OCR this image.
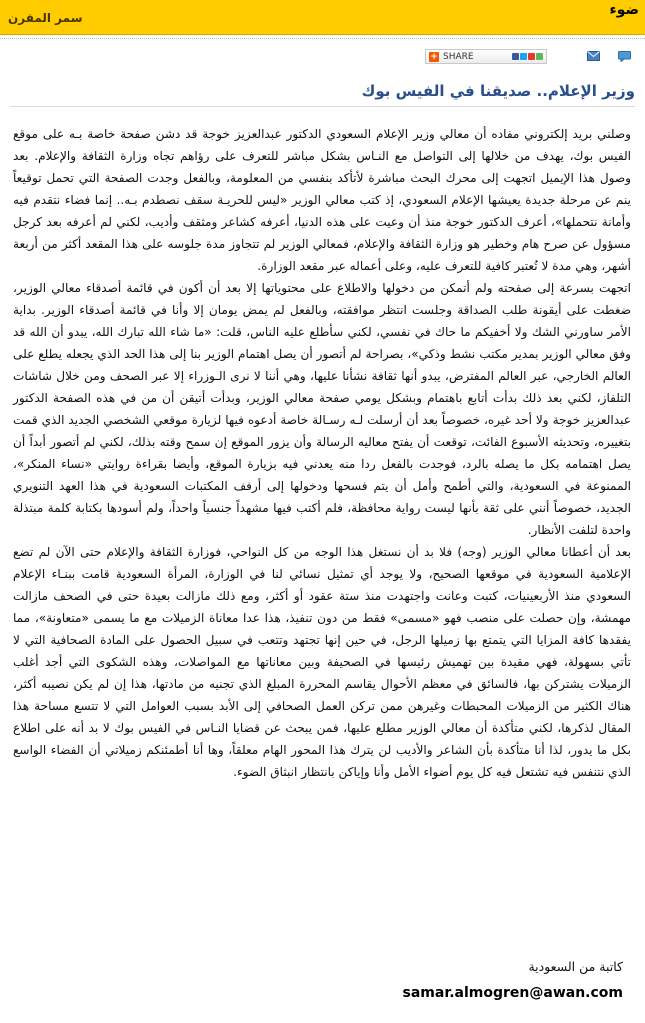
ضوء
سمر المقرن
+ SHARE
وزير الإعلام.. صديقنا في الفيس بوك

وصلني بريد إلكتروني مفاده أن معالي وزير الإعلام السعودي الدكتور عبدالعزيز خوجة قد دشن صفحة خاصة بـه على موقع الفيس بوك، يهدف من خلالها إلى التواصل مع النـاس بشكل مباشر للتعرف على رؤاهم تجاه وزارة الثقافة والإعلام. بعد وصول هذا الإيميل اتجهت إلى محرك البحث مباشرة لأتأكد بنفسي من المعلومة، وبالفعل وجدت الصفحة التي تحمل توقيعاً ينم عن مرحلة جديدة يعيشها الإعلام السعودي، إذ كتب معالي الوزير «ليس للحريـة سقف نصطدم بـه.. إنما فضاء نتقدم فيه وأمانة نتحملها»، أعرف الدكتور خوجة منذ أن وعيت على هذه الدنيا، أعرفه كشاعر ومثقف وأديب، لكني لم أعرفه بعد كرجل مسؤول عن صرح هام وخطير هو وزارة الثقافة والإعلام، فمعالي الوزير لم تتجاوز مدة جلوسه على هذا المقعد أكثر من أربعة أشهر، وهي مدة لا تُعتبر كافية للتعرف عليه، وعلى أعماله عبر مقعد الوزارة.

اتجهت بسرعة إلى صفحته ولم أتمكن من دخولها والاطلاع على محتوياتها إلا بعد أن أكون في قائمة أصدقاء معالي الوزير، ضغطت على أيقونة طلب الصداقة وجلست انتظر موافقته، وبالفعل لم يمض يومان إلا وأنا في قائمة أصدقاء الوزير. بداية الأمر ساورني الشك ولا أخفيكم ما حاك في نفسي، لكني سأطلع عليه الناس، قلت: «ما شاء الله تبارك الله، يبدو أن الله قد وفق معالي الوزير بمدير مكتب نشط وذكي»، بصراحة لم أتصور أن يصل اهتمام الوزير بنا إلى هذا الحد الذي يجعله يطلع على العالم الخارجي، عبر العالم المفترض، يبدو أنها ثقافة نشأنا عليها، وهي أننا لا نرى الـوزراء إلا عبر الصحف ومن خلال شاشات التلفاز، لكني بعد ذلك بدأت أتابع باهتمام وبشكل يومي صفحة معالي الوزير، وبدأت أتيقن أن من في هذه الصفحة الدكتور عبدالعزيز خوجة ولا أحد غيره، خصوصاً بعد أن أرسلت لـه رسـالة خاصة أدعوه فيها لزيارة موقعي الشخصي الجديد الذي قمت بتغييره، وتحديثه الأسبوع الفائت، توقعت أن يفتح معاليه الرسالة وأن يزور الموقع إن سمح وقته بذلك، لكني لم أتصور أبداً أن يصل اهتمامه بكل ما يصله بالرد، فوجدت بالفعل ردا منه يعدني فيه بزيارة الموقع، وأيضا بقراءة روايتي «نساء المنكر»، الممنوعة في السعودية، والتي أطمح وأمل أن يتم فسحها ودخولها إلى أرفف المكتبات السعودية في هذا العهد التنويري الجديد، خصوصاً أنني على ثقة بأنها ليست رواية محافظة، فلم أكتب فيها مشهداً جنسياً واحداً، ولم أسودها بكتابة كلمة مبتذلة واحدة لتلفت الأنظار.

بعد أن أعطانا معالي الوزير (وجه) فلا بد أن نستغل هذا الوجه من كل النواحي، فوزارة الثقافة والإعلام حتى الآن لم تضع الإعلامية السعودية في موقعها الصحيح، ولا يوجد أي تمثيل نسائي لنا في الوزارة، المرأة السعودية قامت ببنـاء الإعلام السعودي منذ الأربعينيات، كتبت وعانت واجتهدت منذ ستة عقود أو أكثر، ومع ذلك مازالت بعيدة حتى في الصحف مازالت مهمشة، وإن حصلت على منصب فهو «مسمى» فقط من دون تنفيذ، هذا عدا معاناة الزميلات مع ما يسمى «متعاونة»، مما يفقدها كافة المزايا التي يتمتع بها زميلها الرجل، في حين إنها تجتهد وتتعب في سبيل الحصول على المادة الصحافية التي لا تأتي بسهولة، فهي مقيدة بين تهميش رئيسها في الصحيفة وبين معاناتها مع المواصلات، وهذه الشكوى التي أجد أغلب الزميلات يشتركن بها، فالسائق في معظم الأحوال يقاسم المحررة المبلغ الذي تجنيه من مادتها، هذا إن لم يكن نصيبه أكثر، هناك الكثير من الزميلات المحبطات وغيرهن ممن تركن العمل الصحافي إلى الأبد بسبب العوامل التي لا تتسع مساحة هذا المقال لذكرها، لكني متأكدة أن معالي الوزير مطلع عليها، فمن يبحث عن قضايا النـاس في الفيس بوك لا بد أنه على اطلاع بكل ما يدور، لذا أنا متأكدة بأن الشاعر والأديب لن يترك هذا المحور الهام معلقاً، وها أنا أطمئنكم زميلاتي أن الفضاء الواسع الذي نتنفس فيه تشتعل فيه كل يوم أضواء الأمل وأنا وإياكن بانتظار انبثاق الضوء.

كاتبة من السعودية
samar.almogren@awan.com
